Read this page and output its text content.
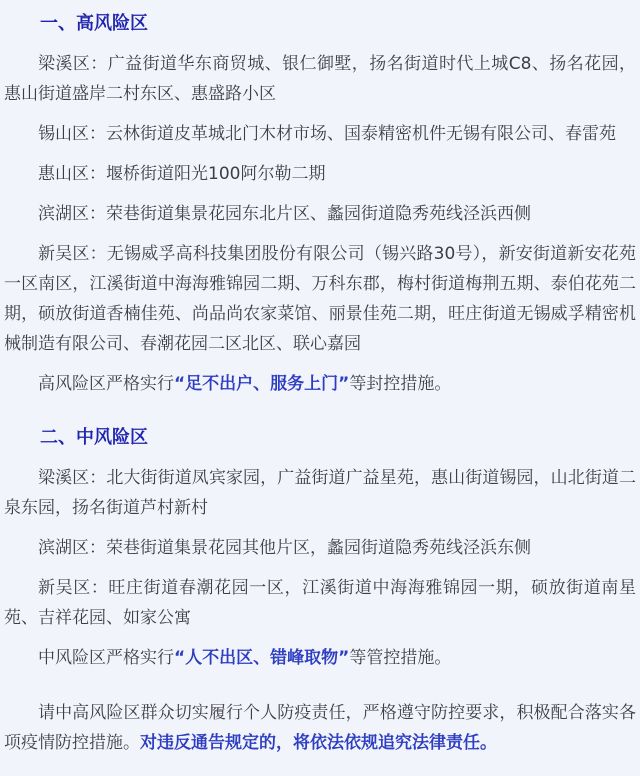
一、高风险区

梁溪区：广益街道华东商贸城、银仁御墅，扬名街道时代上城C8、扬名花园，惠山街道盛岸二村东区、惠盛路小区

锡山区：云林街道皮革城北门木材市场、国泰精密机件无锡有限公司、春雷苑

惠山区：堰桥街道阳光100阿尔勒二期

滨湖区：荣巷街道集景花园东北片区、蠡园街道隐秀苑线泾浜西侧

新吴区：无锡威孚高科技集团股份有限公司（锡兴路30号），新安街道新安花苑一区南区，江溪街道中海海雅锦园二期、万科东郡，梅村街道梅荆五期、泰伯花苑二期，硕放街道香楠佳苑、尚品尚农家菜馆、丽景佳苑二期，旺庄街道无锡威孚精密机械制造有限公司、春潮花园二区北区、联心嘉园

高风险区严格实行“足不出户、服务上门”等封控措施。

二、中风险区

梁溪区：北大街街道凤宾家园，广益街道广益星苑，惠山街道锡园，山北街道二泉东园，扬名街道芦村新村

滨湖区：荣巷街道集景花园其他片区，蠡园街道隐秀苑线泾浜东侧

新吴区：旺庄街道春潮花园一区，江溪街道中海海雅锦园一期，硕放街道南星苑、吉祥花园、如家公寓

中风险区严格实行“人不出区、错峰取物”等管控措施。

请中高风险区群众切实履行个人防疫责任，严格遵守防控要求，积极配合落实各项疫情防控措施。对违反通告规定的，将依法依规追究法律责任。
